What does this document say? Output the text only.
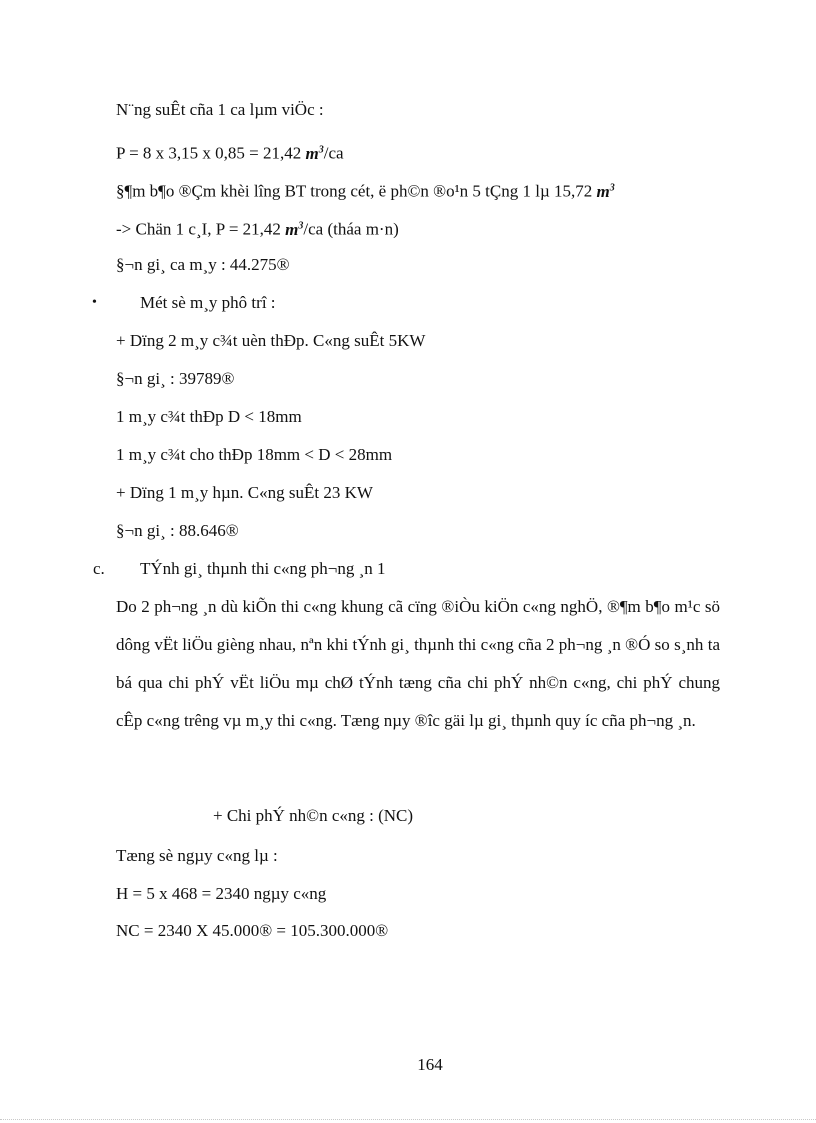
N¨ng suÊt cña 1 ca lµm viÖc :

P = 8 x 3,15 x 0,85 = 21,42 $m^3/ca$

§¶m b¶o ®Çm khèi lîng BT trong cét, ë ph©n ®o¹n 5 tÇng 1 lµ 15,72 $m^3$

-> Chän 1 c¸I, P = 21,42 $m^3/ca$ (tháa m·n)

§¬n gi¸ ca m¸y : 44.275®

•	Mét sè m¸y phô trî :

+ Dïng 2 m¸y c¾t uèn thÐp. C«ng suÊt 5KW

§¬n gi¸ : 39789®

1 m¸y c¾t thÐp D < 18mm

1 m¸y c¾t cho thÐp 18mm < D < 28mm

+ Dïng 1 m¸y hµn. C«ng suÊt 23 KW

§¬n gi¸ : 88.646®

c. TÝnh gi¸ thµnh thi c«ng ph¬ng ¸n 1

Do 2 ph¬ng ¸n dù kiÕn thi c«ng khung cã cïng ®iÒu kiÖn c«ng nghÖ, ®¶m b¶o m¹c sö dông vËt liÖu gièng nhau, nªn khi tÝnh gi¸ thµnh thi c«ng cña 2 ph¬ng ¸n ®Ó so s¸nh ta bá qua chi phÝ vËt liÖu mµ chØ tÝnh tæng cña chi phÝ nh©n c«ng, chi phÝ chung cÊp c«ng trêng vµ m¸y thi c«ng. Tæng nµy ®îc gäi lµ gi¸ thµnh quy íc cña ph¬ng ¸n.

+ Chi phÝ nh©n c«ng : (NC)

Tæng sè ngµy c«ng lµ :

H = 5 x 468 = 2340 ngµy c«ng

NC = 2340 X 45.000® = 105.300.000®

164
